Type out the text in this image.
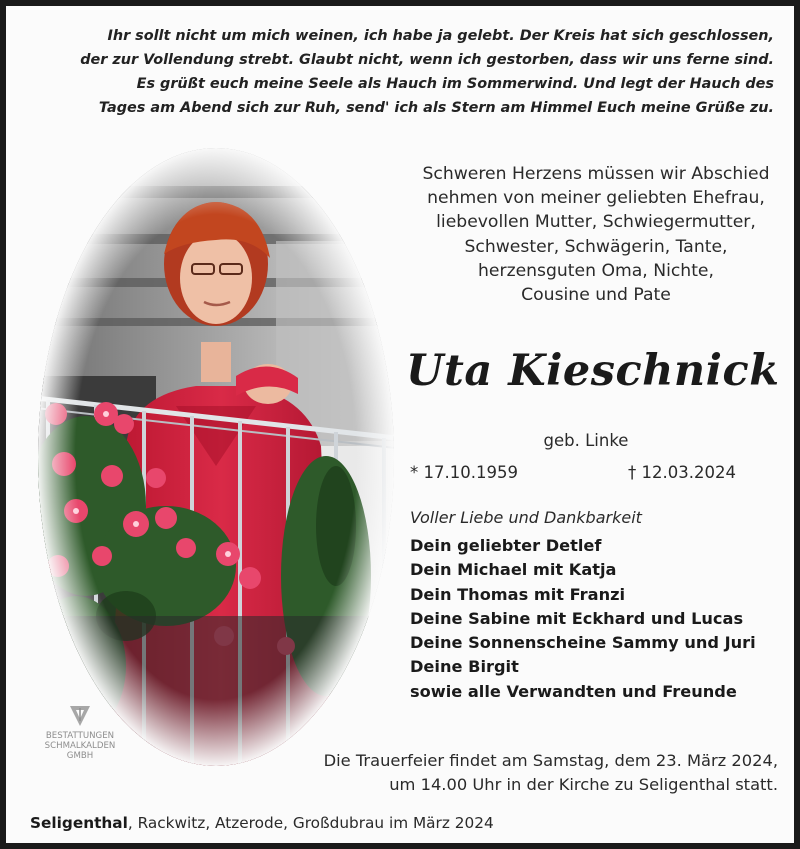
Ihr sollt nicht um mich weinen, ich habe ja gelebt. Der Kreis hat sich geschlossen,
der zur Vollendung strebt. Glaubt nicht, wenn ich gestorben, dass wir uns ferne sind.
Es grüßt euch meine Seele als Hauch im Sommerwind. Und legt der Hauch des
Tages am Abend sich zur Ruh, send' ich als Stern am Himmel Euch meine Grüße zu.
Schweren Herzens müssen wir Abschied
nehmen von meiner geliebten Ehefrau,
liebevollen Mutter, Schwiegermutter,
Schwester, Schwägerin, Tante,
herzensguten Oma, Nichte,
Cousine und Pate
Uta Kieschnick
geb. Linke
* 17.10.1959	† 12.03.2024
Voller Liebe und Dankbarkeit
Dein geliebter Detlef
Dein Michael mit Katja
Dein Thomas mit Franzi
Deine Sabine mit Eckhard und Lucas
Deine Sonnenscheine Sammy und Juri
Deine Birgit
sowie alle Verwandten und Freunde
BESTATTUNGEN
SCHMALKALDEN
GMBH	Die Trauerfeier findet am Samstag, dem 23. März 2024,
um 14.00 Uhr in der Kirche zu Seligenthal statt.
Seligenthal, Rackwitz, Atzerode, Großdubrau im März 2024
